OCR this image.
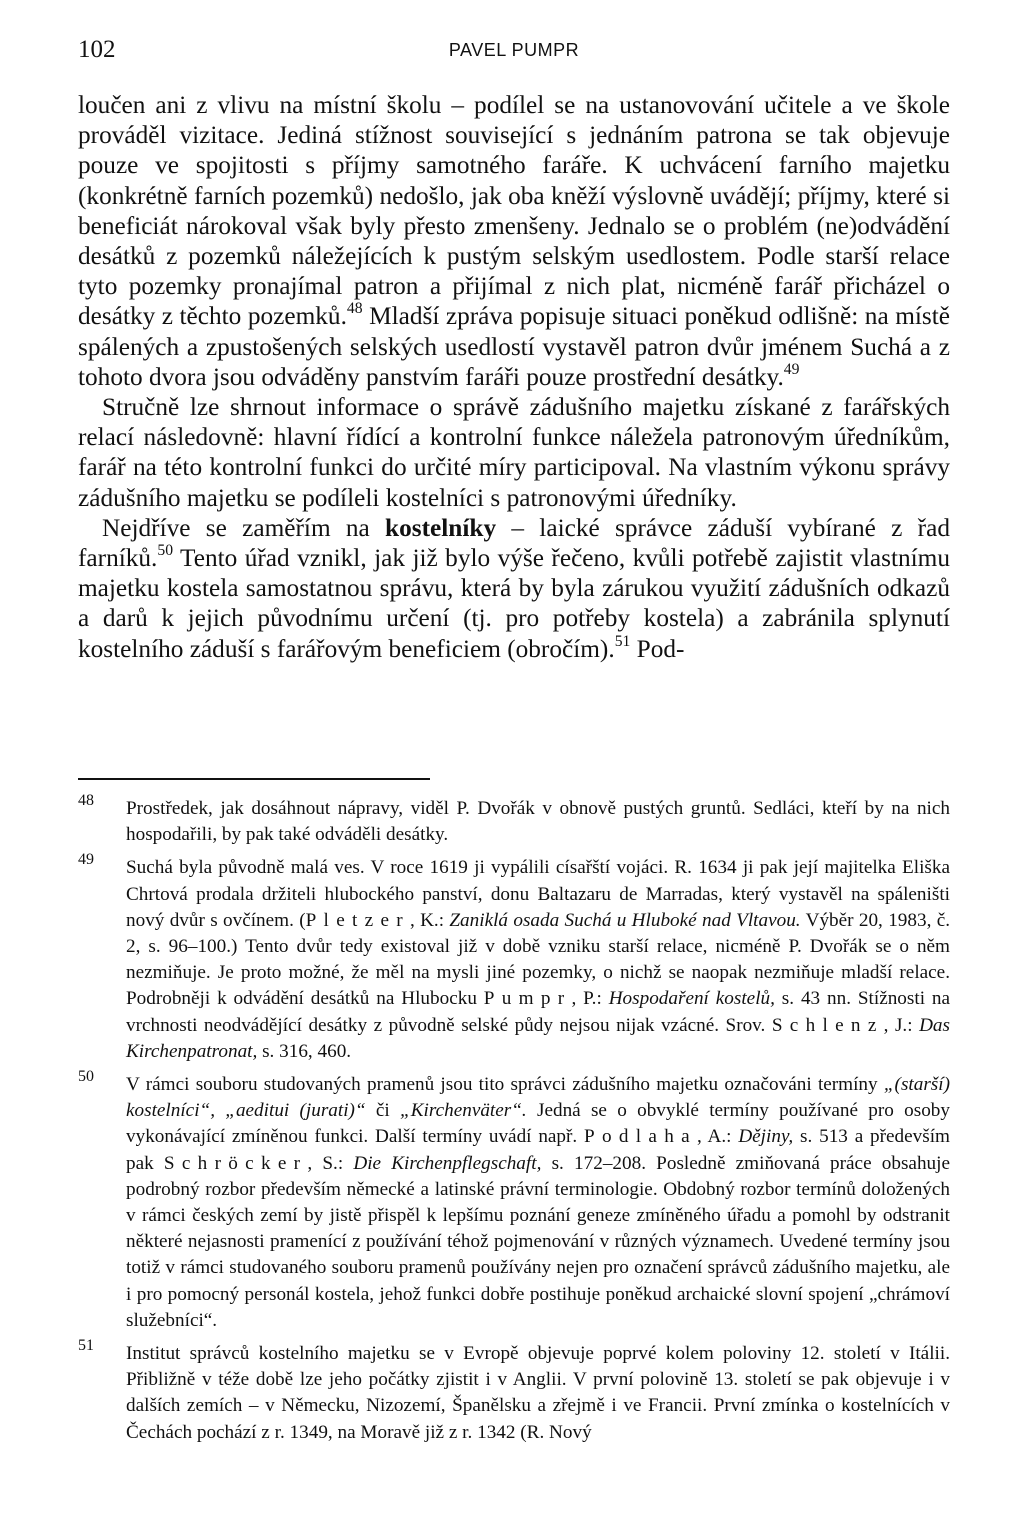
102	PAVEL PUMPR

loučen ani z vlivu na místní školu – podílel se na ustanovování učitele a ve škole prováděl vizitace. Jediná stížnost související s jednáním patrona se tak objevuje pouze ve spojitosti s příjmy samotného faráře. K uchvácení farního majetku (konkrétně farních pozemků) nedošlo, jak oba kněží výslovně uvádějí; příjmy, které si beneficiát nárokoval však byly přesto zmenšeny. Jednalo se o problém (ne)odvádění desátků z pozemků náležejících k pustým selským usedlostem. Podle starší relace tyto pozemky pronajímal patron a přijímal z nich plat, nicméně farář přicházel o desátky z těchto pozemků.$^{48}$ Mladší zpráva popisuje situaci poněkud odlišně: na místě spálených a zpustošených selských usedlostí vystavěl patron dvůr jménem Suchá a z tohoto dvora jsou odváděny panstvím faráři pouze prostřední desátky.$^{49}$

Stručně lze shrnout informace o správě zádušního majetku získané z farářských relací následovně: hlavní řídící a kontrolní funkce náležela patronovým úředníkům, farář na této kontrolní funkci do určité míry participoval. Na vlastním výkonu správy zádušního majetku se podíleli kostelníci s patronovými úředníky.

Nejdříve se zaměřím na kostelníky – laické správce záduší vybírané z řad farníků.$^{50}$ Tento úřad vznikl, jak již bylo výše řečeno, kvůli potřebě zajistit vlastnímu majetku kostela samostatnou správu, která by byla zárukou využití zádušních odkazů a darů k jejich původnímu určení (tj. pro potřeby kostela) a zabránila splynutí kostelního záduší s farářovým beneficiem (obročím).$^{51}$ Pod-

48 Prostředek, jak dosáhnout nápravy, viděl P. Dvořák v obnově pustých gruntů. Sedláci, kteří by na nich hospodařili, by pak také odváděli desátky.
49 Suchá byla původně malá ves. V roce 1619 ji vypálili císařští vojáci. R. 1634 ji pak její majitelka Eliška Chrtová prodala držiteli hlubockého panství, donu Baltazaru de Marradas, který vystavěl na spáleništi nový dvůr s ovčínem. (Pletzer, K.: Zaniklá osada Suchá u Hluboké nad Vltavou. Výběr 20, 1983, č. 2, s. 96–100.) Tento dvůr tedy existoval již v době vzniku starší relace, nicméně P. Dvořák se o něm nezmiňuje. Je proto možné, že měl na mysli jiné pozemky, o nichž se naopak nezmiňuje mladší relace. Podrobněji k odvádění desátků na Hlubocku Pumpr, P.: Hospodaření kostelů, s. 43 nn. Stížnosti na vrchnosti neodvádějící desátky z původně selské půdy nejsou nijak vzácné. Srov. Schlenz, J.: Das Kirchenpatronat, s. 316, 460.
50 V rámci souboru studovaných pramenů jsou tito správci zádušního majetku označováni termíny „(starší) kostelníci“, „aeditui (jurati)“ či „Kirchenväter“. Jedná se o obvyklé termíny používané pro osoby vykonávající zmíněnou funkci. Další termíny uvádí např. Podlaha, A.: Dějiny, s. 513 a především pak Schröcker, S.: Die Kirchenpflegschaft, s. 172–208. Posledně zmiňovaná práce obsahuje podrobný rozbor především německé a latinské právní terminologie. Obdobný rozbor termínů doložených v rámci českých zemí by jistě přispěl k lepšímu poznání geneze zmíněného úřadu a pomohl by odstranit některé nejasnosti pramenící z používání téhož pojmenování v různých významech. Uvedené termíny jsou totiž v rámci studovaného souboru pramenů používány nejen pro označení správců zádušního majetku, ale i pro pomocný personál kostela, jehož funkci dobře postihuje poněkud archaické slovní spojení „chrámoví služebníci“.
51 Institut správců kostelního majetku se v Evropě objevuje poprvé kolem poloviny 12. století v Itálii. Přibližně v téže době lze jeho počátky zjistit i v Anglii. V první polovině 13. století se pak objevuje i v dalších zemích – v Německu, Nizozemí, Španělsku a zřejmě i ve Francii. První zmínka o kostelnících v Čechách pochází z r. 1349, na Moravě již z r. 1342 (R. Nový
